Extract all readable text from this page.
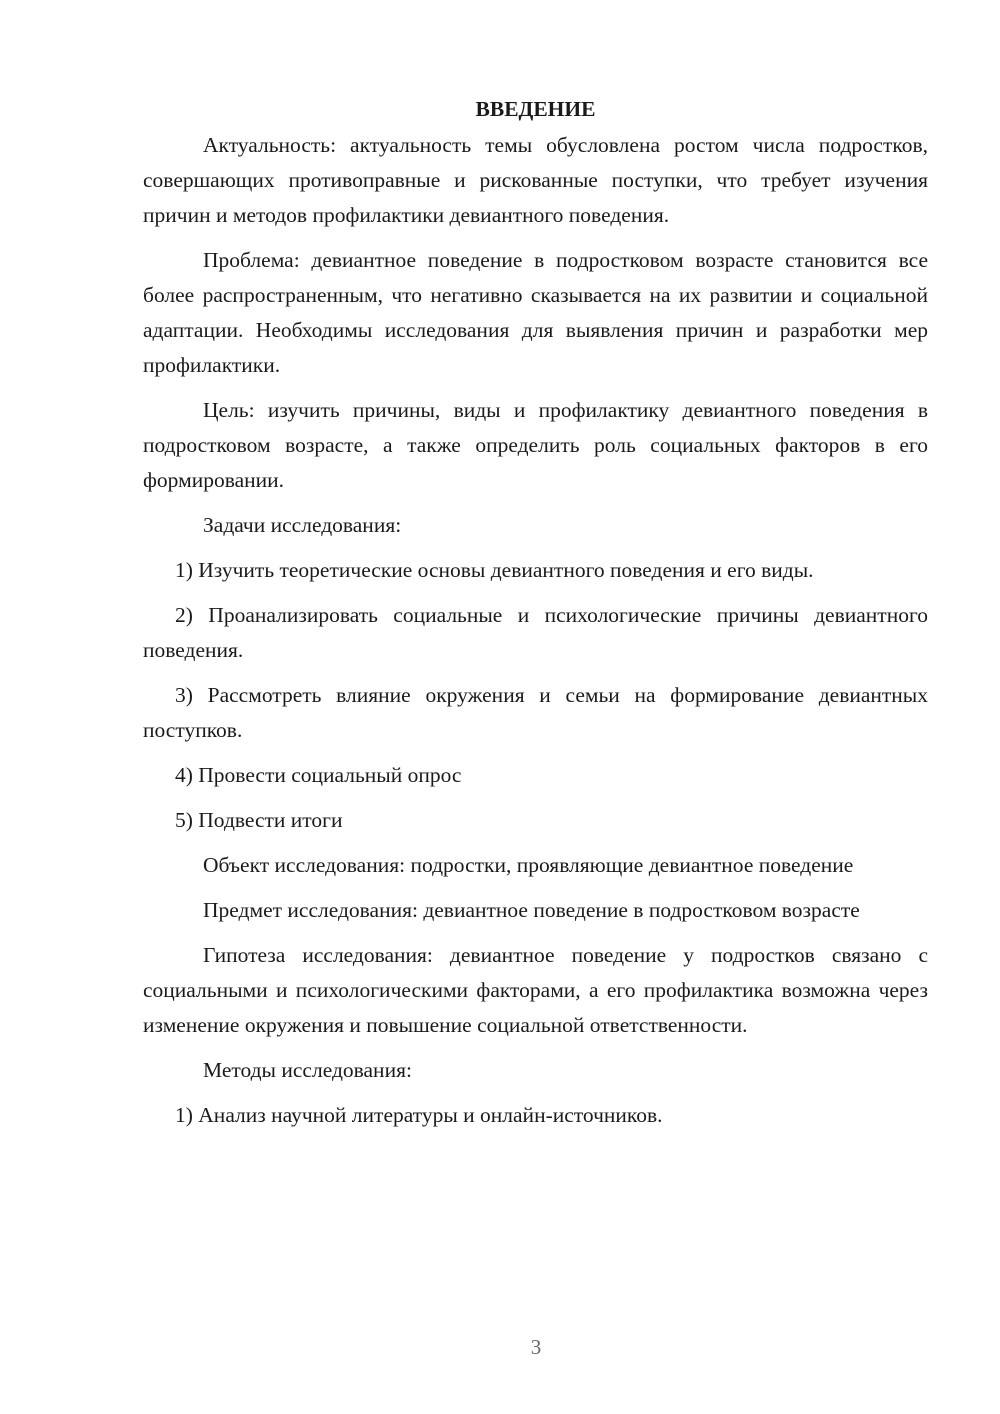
ВВЕДЕНИЕ

Актуальность: актуальность темы обусловлена ростом числа подростков, совершающих противоправные и рискованные поступки, что требует изучения причин и методов профилактики девиантного поведения.

Проблема: девиантное поведение в подростковом возрасте становится все более распространенным, что негативно сказывается на их развитии и социальной адаптации. Необходимы исследования для выявления причин и разработки мер профилактики.

Цель: изучить причины, виды и профилактику девиантного поведения в подростковом возрасте, а также определить роль социальных факторов в его формировании.

Задачи исследования:

1) Изучить теоретические основы девиантного поведения и его виды.

2) Проанализировать социальные и психологические причины девиантного поведения.

3) Рассмотреть влияние окружения и семьи на формирование девиантных поступков.

4) Провести социальный опрос

5) Подвести итоги

Объект исследования: подростки, проявляющие девиантное поведение

Предмет исследования: девиантное поведение в подростковом возрасте

Гипотеза исследования: девиантное поведение у подростков связано с социальными и психологическими факторами, а его профилактика возможна через изменение окружения и повышение социальной ответственности.

Методы исследования:

1) Анализ научной литературы и онлайн-источников.

3
